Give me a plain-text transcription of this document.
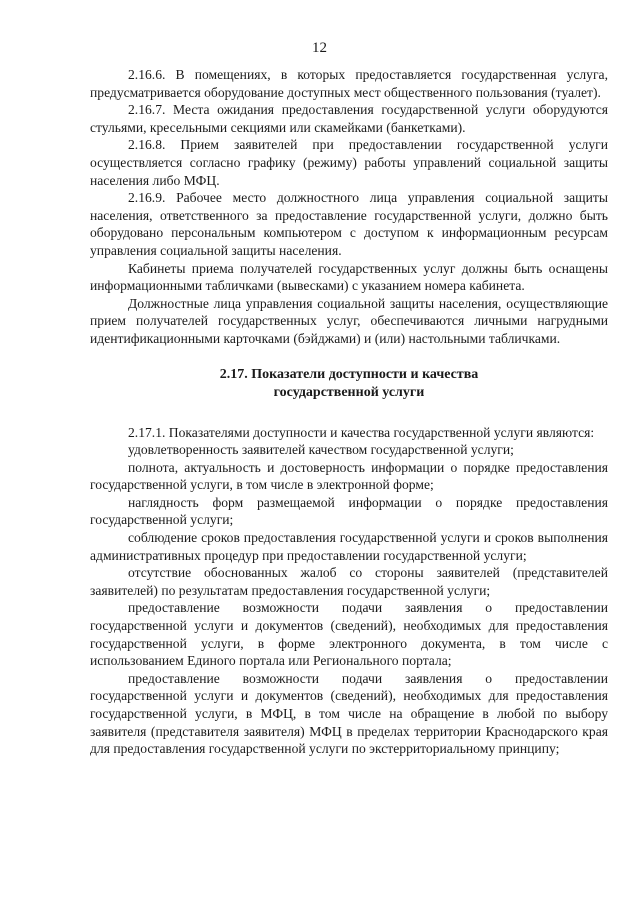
12

2.16.6. В помещениях, в которых предоставляется государственная услуга, предусматривается оборудование доступных мест общественного пользования (туалет).

2.16.7. Места ожидания предоставления государственной услуги оборудуются стульями, кресельными секциями или скамейками (банкетками).

2.16.8. Прием заявителей при предоставлении государственной услуги осуществляется согласно графику (режиму) работы управлений социальной защиты населения либо МФЦ.

2.16.9. Рабочее место должностного лица управления социальной защиты населения, ответственного за предоставление государственной услуги, должно быть оборудовано персональным компьютером с доступом к информационным ресурсам управления социальной защиты населения.

Кабинеты приема получателей государственных услуг должны быть оснащены информационными табличками (вывесками) с указанием номера кабинета.

Должностные лица управления социальной защиты населения, осуществляющие прием получателей государственных услуг, обеспечиваются личными нагрудными идентификационными карточками (бэйджами) и (или) настольными табличками.

2.17. Показатели доступности и качества
государственной услуги

2.17.1. Показателями доступности и качества государственной услуги являются:

удовлетворенность заявителей качеством государственной услуги;

полнота, актуальность и достоверность информации о порядке предоставления государственной услуги, в том числе в электронной форме;

наглядность форм размещаемой информации о порядке предоставления государственной услуги;

соблюдение сроков предоставления государственной услуги и сроков выполнения административных процедур при предоставлении государственной услуги;

отсутствие обоснованных жалоб со стороны заявителей (представителей заявителей) по результатам предоставления государственной услуги;

предоставление возможности подачи заявления о предоставлении государственной услуги и документов (сведений), необходимых для предоставления государственной услуги, в форме электронного документа, в том числе с использованием Единого портала или Регионального портала;

предоставление возможности подачи заявления о предоставлении государственной услуги и документов (сведений), необходимых для предоставления государственной услуги, в МФЦ, в том числе на обращение в любой по выбору заявителя (представителя заявителя) МФЦ в пределах территории Краснодарского края для предоставления государственной услуги по экстерриториальному принципу;
